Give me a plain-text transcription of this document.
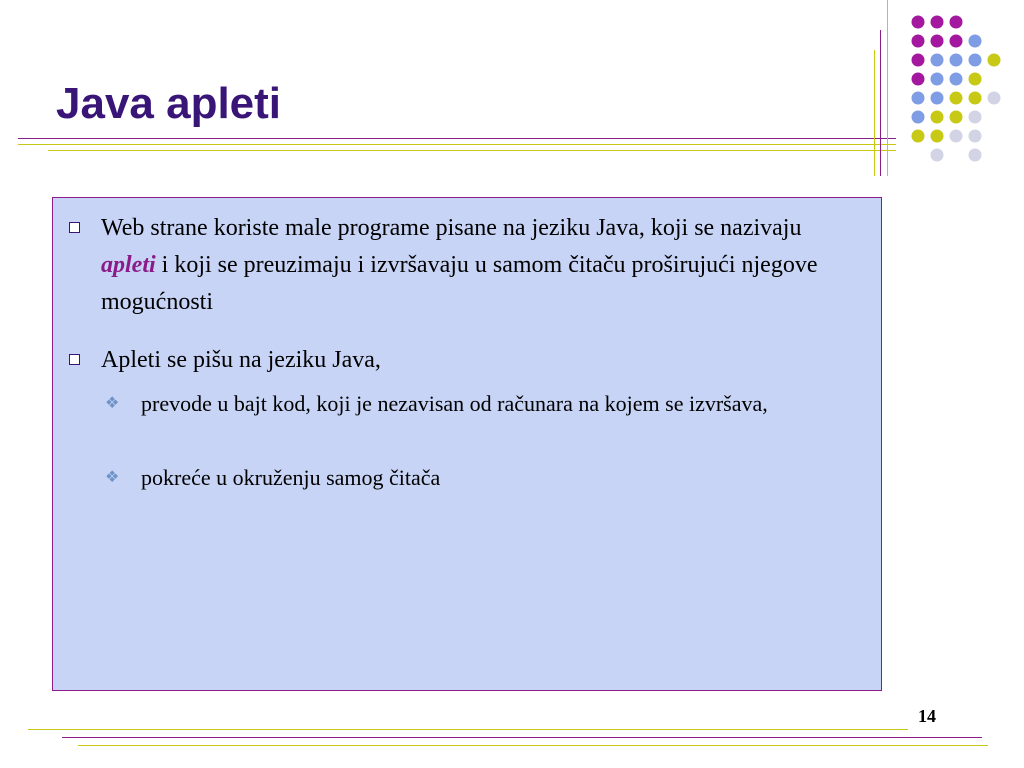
Java apleti
Web strane koriste male programe pisane na jeziku Java, koji se nazivaju apleti i koji se preuzimaju i izvršavaju u samom čitaču proširujući njegove mogućnosti
Apleti se pišu na jeziku Java,
❖ prevode u bajt kod, koji je nezavisan od računara na kojem se izvršava,
❖ pokreće u okruženju samog čitača
14
